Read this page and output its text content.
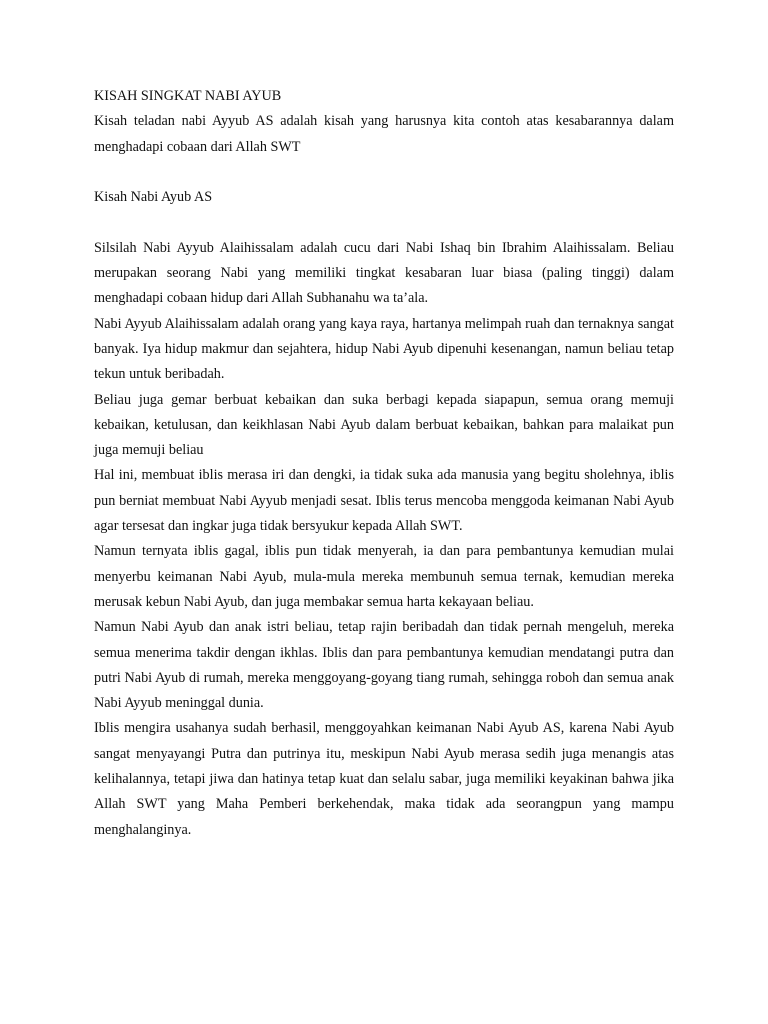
KISAH SINGKAT NABI AYUB

Kisah teladan nabi Ayyub AS adalah kisah yang harusnya kita contoh atas kesabarannya dalam menghadapi cobaan dari Allah SWT

Kisah Nabi Ayub AS

Silsilah Nabi Ayyub Alaihissalam adalah cucu dari Nabi Ishaq bin Ibrahim Alaihissalam. Beliau merupakan seorang Nabi yang memiliki tingkat kesabaran luar biasa (paling tinggi) dalam menghadapi cobaan hidup dari Allah Subhanahu wa ta’ala.

Nabi Ayyub Alaihissalam adalah orang yang kaya raya, hartanya melimpah ruah dan ternaknya sangat banyak. Iya hidup makmur dan sejahtera, hidup Nabi Ayub dipenuhi kesenangan, namun beliau tetap tekun untuk beribadah.

Beliau juga gemar berbuat kebaikan dan suka berbagi kepada siapapun, semua orang memuji kebaikan, ketulusan, dan keikhlasan Nabi Ayub dalam berbuat kebaikan, bahkan para malaikat pun juga memuji beliau

Hal ini, membuat iblis merasa iri dan dengki, ia tidak suka ada manusia yang begitu sholehnya, iblis pun berniat membuat Nabi Ayyub menjadi sesat. Iblis terus mencoba menggoda keimanan Nabi Ayub agar tersesat dan ingkar juga tidak bersyukur kepada Allah SWT.

Namun ternyata iblis gagal, iblis pun tidak menyerah, ia dan para pembantunya kemudian mulai menyerbu keimanan Nabi Ayub, mula-mula mereka membunuh semua ternak, kemudian mereka merusak kebun Nabi Ayub, dan juga membakar semua harta kekayaan beliau.

Namun Nabi Ayub dan anak istri beliau, tetap rajin beribadah dan tidak pernah mengeluh, mereka semua menerima takdir dengan ikhlas. Iblis dan para pembantunya kemudian mendatangi putra dan putri Nabi Ayub di rumah, mereka menggoyang-goyang tiang rumah, sehingga roboh dan semua anak Nabi Ayyub meninggal dunia.

Iblis mengira usahanya sudah berhasil, menggoyahkan keimanan Nabi Ayub AS, karena Nabi Ayub sangat menyayangi Putra dan putrinya itu, meskipun Nabi Ayub merasa sedih juga menangis atas kelihalannya, tetapi jiwa dan hatinya tetap kuat dan selalu sabar, juga memiliki keyakinan bahwa jika Allah SWT yang Maha Pemberi berkehendak, maka tidak ada seorangpun yang mampu menghalanginya.
